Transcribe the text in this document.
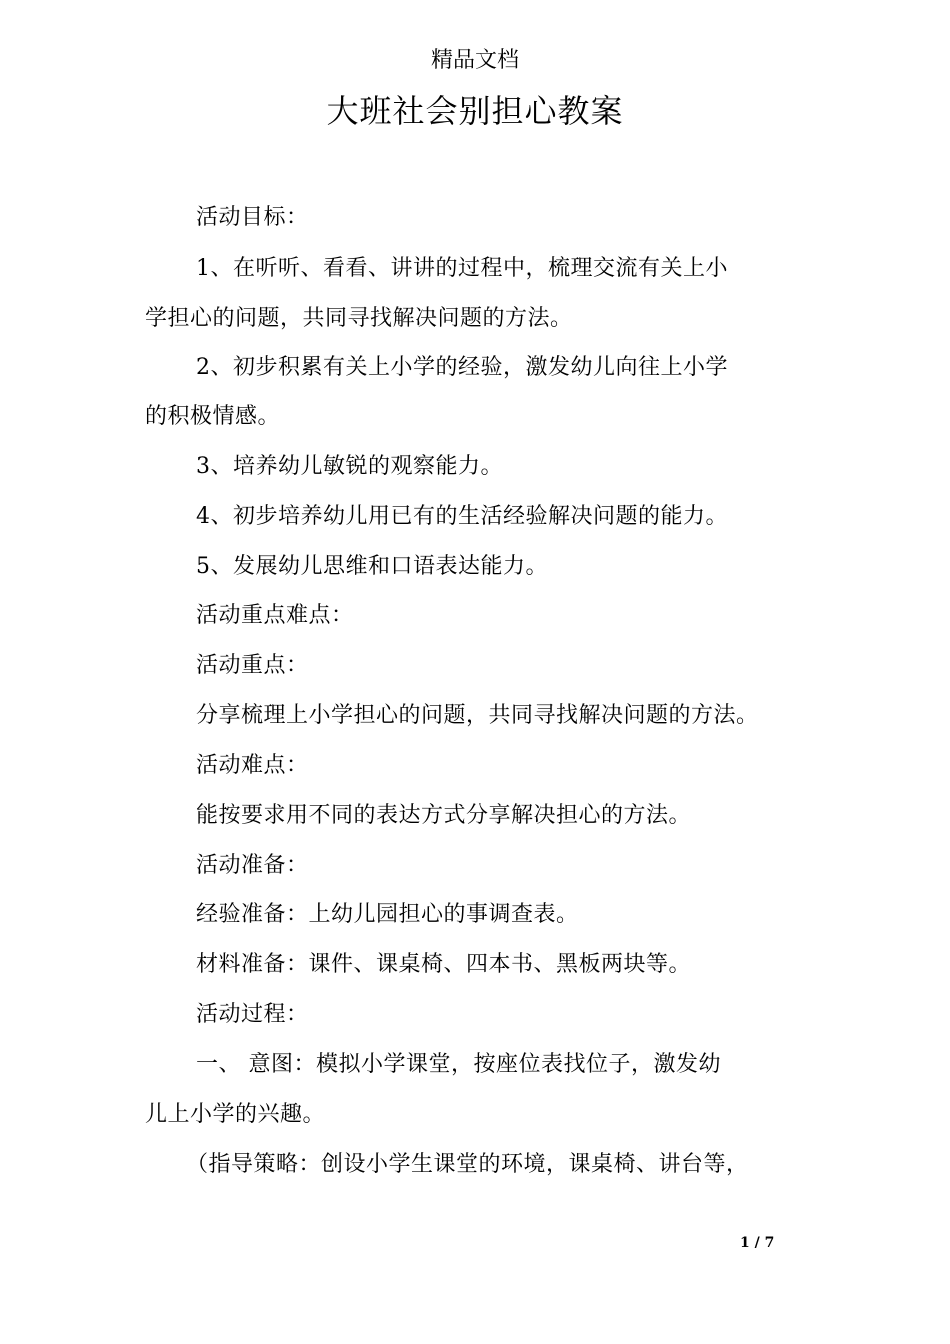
精品文档
大班社会别担心教案
活动目标：
1、在听听、看看、讲讲的过程中，梳理交流有关上小
学担心的问题，共同寻找解决问题的方法。
2、初步积累有关上小学的经验，激发幼儿向往上小学
的积极情感。
3、培养幼儿敏锐的观察能力。
4、初步培养幼儿用已有的生活经验解决问题的能力。
5、发展幼儿思维和口语表达能力。
活动重点难点：
活动重点：
分享梳理上小学担心的问题，共同寻找解决问题的方法。
活动难点：
能按要求用不同的表达方式分享解决担心的方法。
活动准备：
经验准备：上幼儿园担心的事调查表。
材料准备：课件、课桌椅、四本书、黑板两块等。
活动过程：
一、 意图：模拟小学课堂，按座位表找位子，激发幼
儿上小学的兴趣。
（指导策略：创设小学生课堂的环境，课桌椅、讲台等，
1 / 7
